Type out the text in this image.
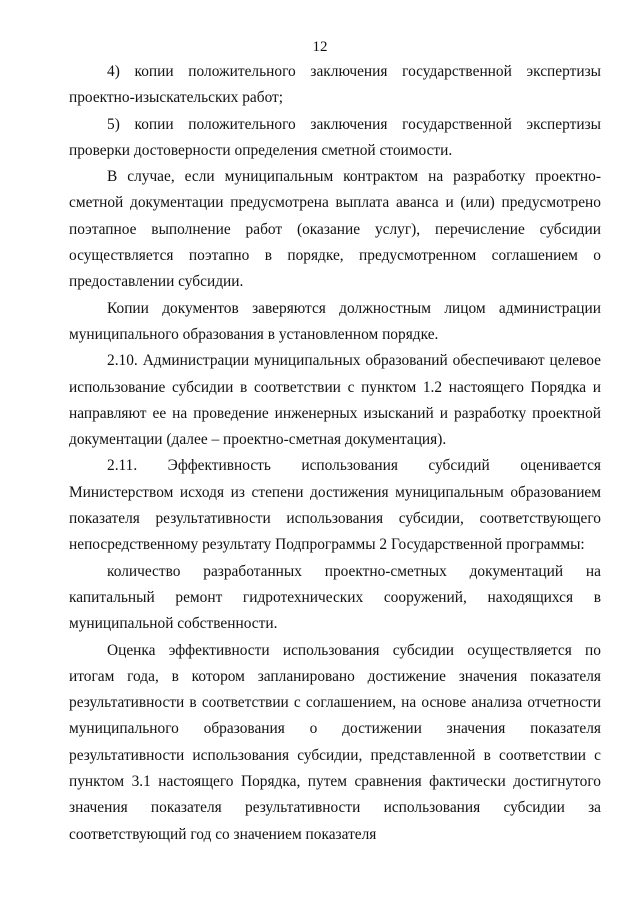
12

4) копии положительного заключения государственной экспертизы проектно-изыскательских работ;

5) копии положительного заключения государственной экспертизы проверки достоверности определения сметной стоимости.

В случае, если муниципальным контрактом на разработку проектно-сметной документации предусмотрена выплата аванса и (или) предусмотрено поэтапное выполнение работ (оказание услуг), перечисление субсидии осуществляется поэтапно в порядке, предусмотренном соглашением о предоставлении субсидии.

Копии документов заверяются должностным лицом администрации муниципального образования в установленном порядке.

2.10. Администрации муниципальных образований обеспечивают целевое использование субсидии в соответствии с пунктом 1.2 настоящего Порядка и направляют ее на проведение инженерных изысканий и разработку проектной документации (далее – проектно-сметная документация).

2.11. Эффективность использования субсидий оценивается Министерством исходя из степени достижения муниципальным образованием показателя результативности использования субсидии, соответствующего непосредственному результату Подпрограммы 2 Государственной программы:

количество разработанных проектно-сметных документаций на капитальный ремонт гидротехнических сооружений, находящихся в муниципальной собственности.

Оценка эффективности использования субсидии осуществляется по итогам года, в котором запланировано достижение значения показателя результативности в соответствии с соглашением, на основе анализа отчетности муниципального образования о достижении значения показателя результативности использования субсидии, представленной в соответствии с пунктом 3.1 настоящего Порядка, путем сравнения фактически достигнутого значения показателя результативности использования субсидии за соответствующий год со значением показателя
